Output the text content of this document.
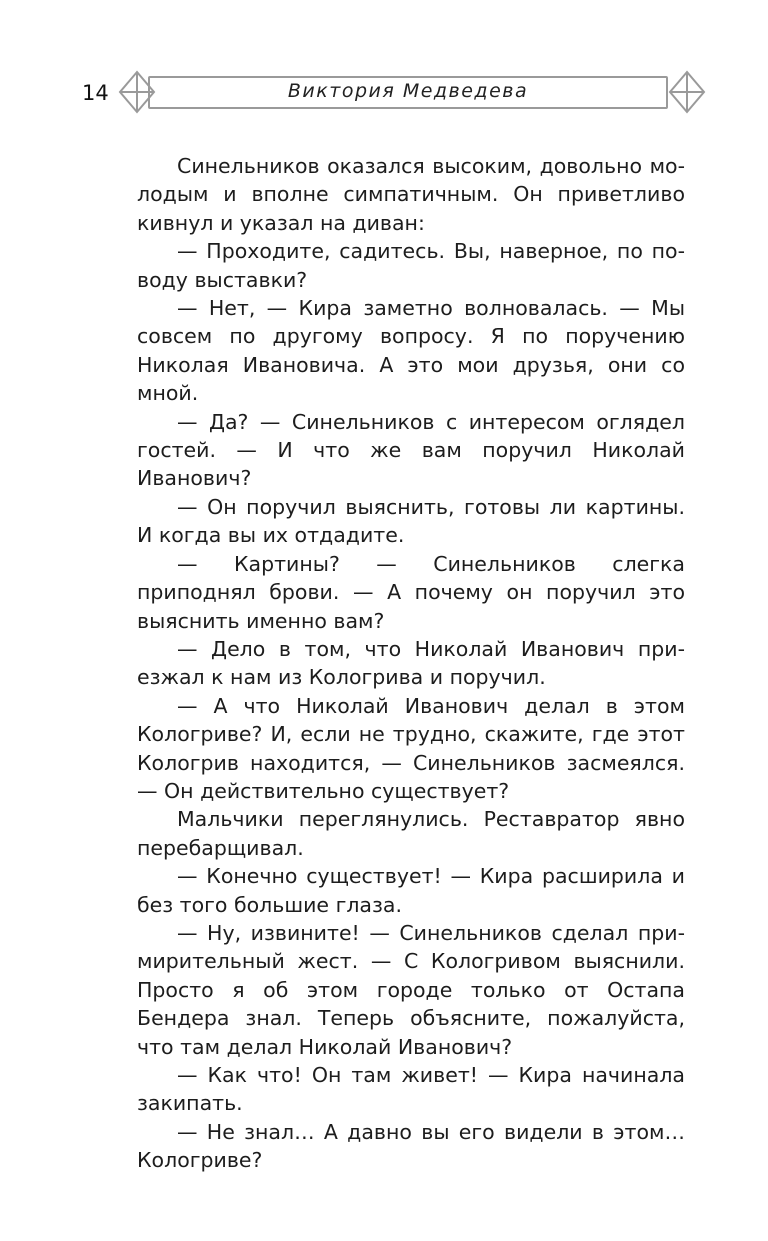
14	Виктория Медведева

Синельников оказался высоким, довольно молодым и вполне симпатичным. Он приветливо кивнул и указал на диван:

— Проходите, садитесь. Вы, наверное, по поводу выставки?

— Нет, — Кира заметно волновалась. — Мы совсем по другому вопросу. Я по поручению Николая Ивановича. А это мои друзья, они со мной.

— Да? — Синельников с интересом оглядел гостей. — И что же вам поручил Николай Иванович?

— Он поручил выяснить, готовы ли картины. И когда вы их отдадите.

— Картины? — Синельников слегка приподнял брови. — А почему он поручил это выяснить именно вам?

— Дело в том, что Николай Иванович приезжал к нам из Кологрива и поручил.

— А что Николай Иванович делал в этом Кологриве? И, если не трудно, скажите, где этот Кологрив находится, — Синельников засмеялся. — Он действительно существует?

Мальчики переглянулись. Реставратор явно перебарщивал.

— Конечно существует! — Кира расширила и без того большие глаза.

— Ну, извините! — Синельников сделал примирительный жест. — С Кологривом выяснили. Просто я об этом городе только от Остапа Бендера знал. Теперь объясните, пожалуйста, что там делал Николай Иванович?

— Как что! Он там живет! — Кира начинала закипать.

— Не знал… А давно вы его видели в этом… Кологриве?
